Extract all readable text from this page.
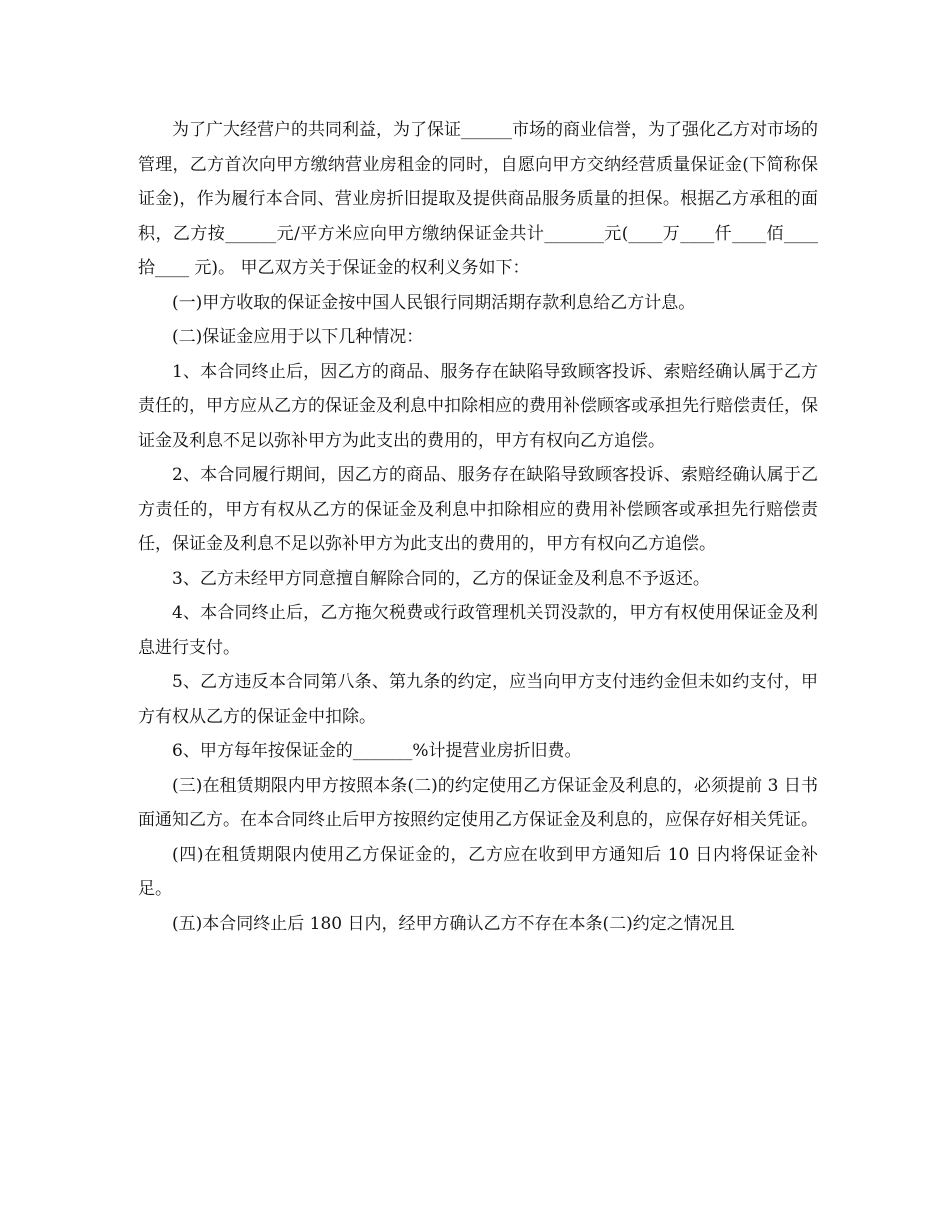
为了广大经营户的共同利益，为了保证______市场的商业信誉，为了强化乙方对市场的管理，乙方首次向甲方缴纳营业房租金的同时，自愿向甲方交纳经营质量保证金(下简称保证金)，作为履行本合同、营业房折旧提取及提供商品服务质量的担保。根据乙方承租的面积，乙方按______元/平方米应向甲方缴纳保证金共计_______元(____万____仟____佰____拾____ 元)。 甲乙双方关于保证金的权利义务如下：

(一)甲方收取的保证金按中国人民银行同期活期存款利息给乙方计息。

(二)保证金应用于以下几种情况：

1、本合同终止后，因乙方的商品、服务存在缺陷导致顾客投诉、索赔经确认属于乙方责任的，甲方应从乙方的保证金及利息中扣除相应的费用补偿顾客或承担先行赔偿责任，保证金及利息不足以弥补甲方为此支出的费用的，甲方有权向乙方追偿。

2、本合同履行期间，因乙方的商品、服务存在缺陷导致顾客投诉、索赔经确认属于乙方责任的，甲方有权从乙方的保证金及利息中扣除相应的费用补偿顾客或承担先行赔偿责任，保证金及利息不足以弥补甲方为此支出的费用的，甲方有权向乙方追偿。

3、乙方未经甲方同意擅自解除合同的，乙方的保证金及利息不予返还。

4、本合同终止后，乙方拖欠税费或行政管理机关罚没款的，甲方有权使用保证金及利息进行支付。

5、乙方违反本合同第八条、第九条的约定，应当向甲方支付违约金但未如约支付，甲方有权从乙方的保证金中扣除。

6、甲方每年按保证金的_______%计提营业房折旧费。

(三)在租赁期限内甲方按照本条(二)的约定使用乙方保证金及利息的，必须提前 3 日书面通知乙方。在本合同终止后甲方按照约定使用乙方保证金及利息的，应保存好相关凭证。

(四)在租赁期限内使用乙方保证金的，乙方应在收到甲方通知后 10 日内将保证金补足。

(五)本合同终止后 180 日内，经甲方确认乙方不存在本条(二)约定之情况且
